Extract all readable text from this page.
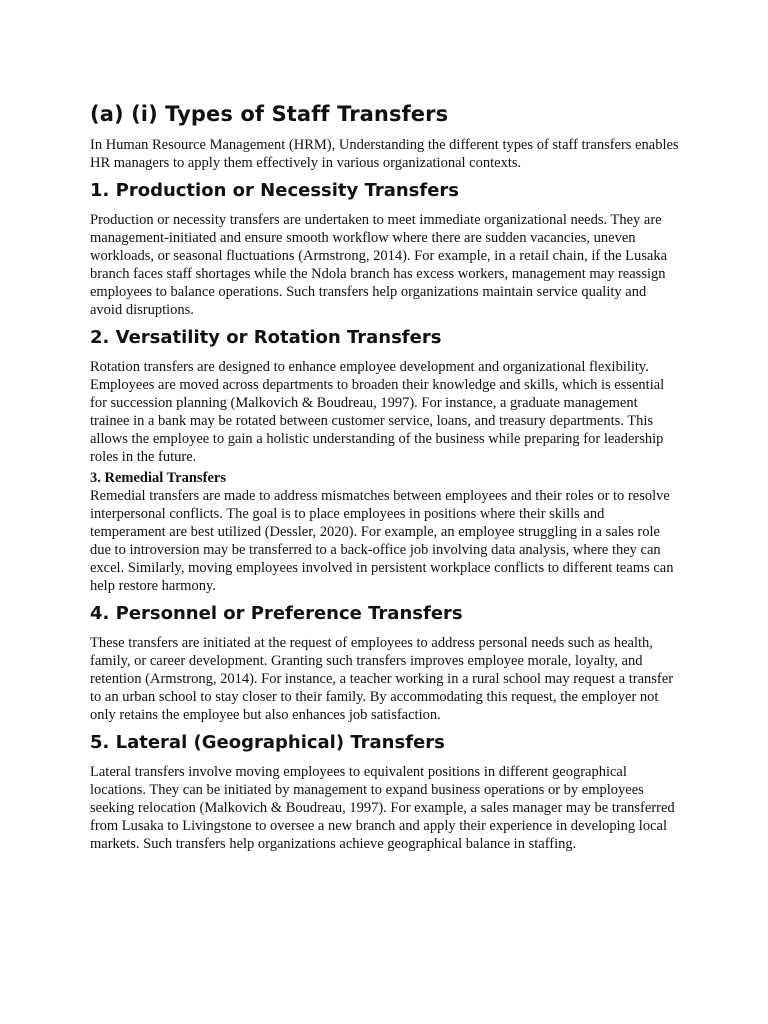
(a) (i) Types of Staff Transfers

In Human Resource Management (HRM), Understanding the different types of staff transfers enables HR managers to apply them effectively in various organizational contexts.

1. Production or Necessity Transfers

Production or necessity transfers are undertaken to meet immediate organizational needs. They are management-initiated and ensure smooth workflow where there are sudden vacancies, uneven workloads, or seasonal fluctuations (Armstrong, 2014). For example, in a retail chain, if the Lusaka branch faces staff shortages while the Ndola branch has excess workers, management may reassign employees to balance operations. Such transfers help organizations maintain service quality and avoid disruptions.

2. Versatility or Rotation Transfers

Rotation transfers are designed to enhance employee development and organizational flexibility. Employees are moved across departments to broaden their knowledge and skills, which is essential for succession planning (Malkovich & Boudreau, 1997). For instance, a graduate management trainee in a bank may be rotated between customer service, loans, and treasury departments. This allows the employee to gain a holistic understanding of the business while preparing for leadership roles in the future.

3. Remedial Transfers

Remedial transfers are made to address mismatches between employees and their roles or to resolve interpersonal conflicts. The goal is to place employees in positions where their skills and temperament are best utilized (Dessler, 2020). For example, an employee struggling in a sales role due to introversion may be transferred to a back-office job involving data analysis, where they can excel. Similarly, moving employees involved in persistent workplace conflicts to different teams can help restore harmony.

4. Personnel or Preference Transfers

These transfers are initiated at the request of employees to address personal needs such as health, family, or career development. Granting such transfers improves employee morale, loyalty, and retention (Armstrong, 2014). For instance, a teacher working in a rural school may request a transfer to an urban school to stay closer to their family. By accommodating this request, the employer not only retains the employee but also enhances job satisfaction.

5. Lateral (Geographical) Transfers

Lateral transfers involve moving employees to equivalent positions in different geographical locations. They can be initiated by management to expand business operations or by employees seeking relocation (Malkovich & Boudreau, 1997). For example, a sales manager may be transferred from Lusaka to Livingstone to oversee a new branch and apply their experience in developing local markets. Such transfers help organizations achieve geographical balance in staffing.
